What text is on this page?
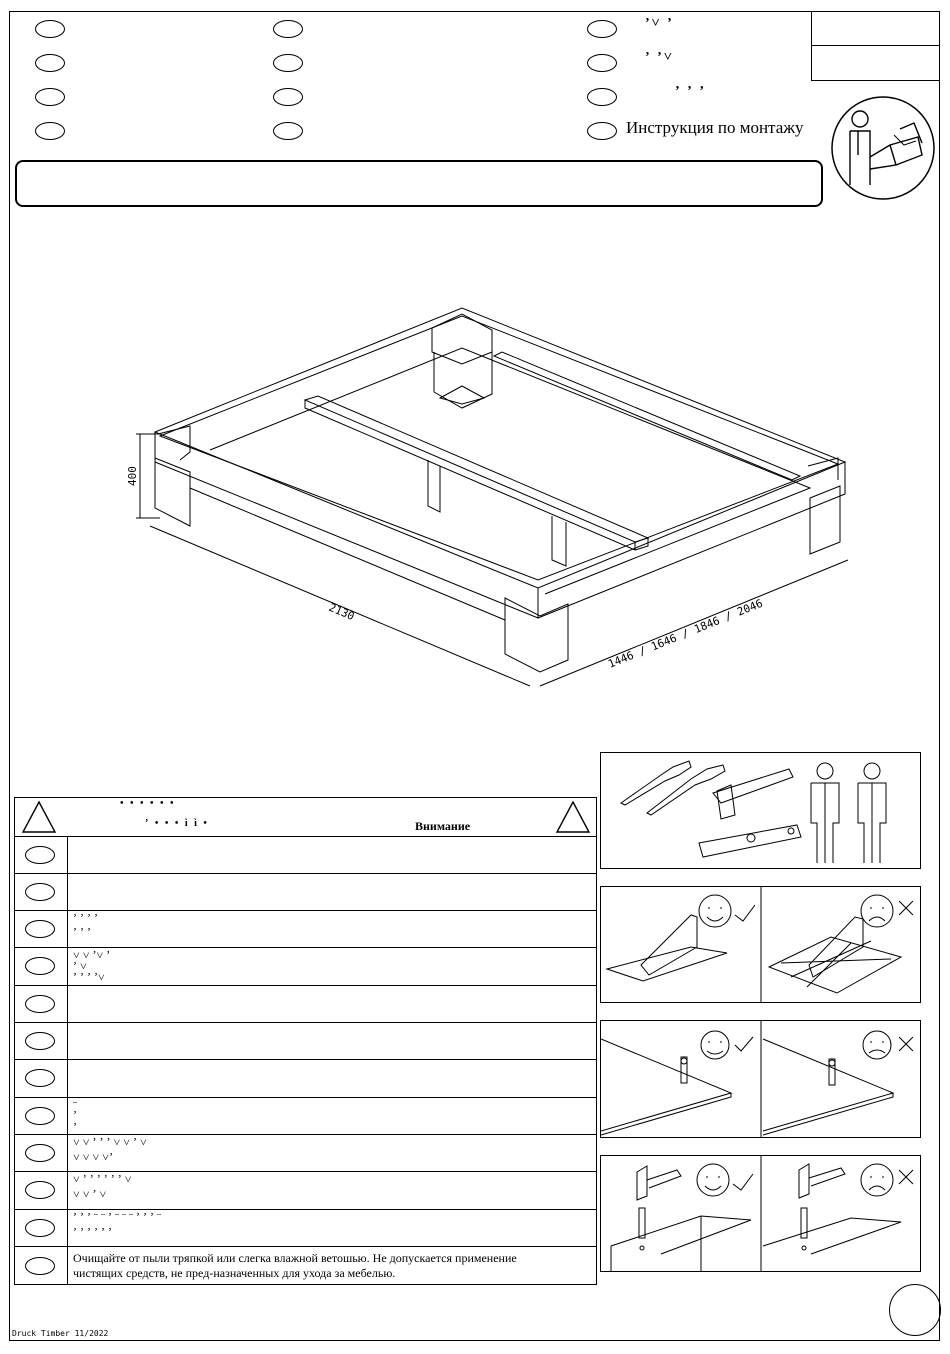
ʼ˅ ʼ
ʼ ʼ˅
ʼ ʼ ʼ
Инструкция по монтажу
400
2130	1446 / 1646 / 1846 / 2046
• • • • • •
ʼ • • • ì ì •	Внимание
ʼ ʼ ʼ ʼ
ʼ ʼ ʼ
˅ ˅ ʼ˅ ʼ
ʼ ˅
ʼ ʼ ʼ ʼ˅
¨
ʼ
ʼ
˅ ˅ ʼ ʼ ʼ ˅ ˅ ʼ ˅
˅ ˅ ˅ ˅ʼ
˅ ʼ ʼ ʼ ʼ ʼ ʼ ˅
˅ ˅ ʼ ˅
ʼ ʼ ʼ ¨ ¨ ʼ ¨ ¨ ¨ ʼ ʼ ʼ ¨
ʼ ʼ ʼ ʼ ʼ ʼ
Очищайте от пыли тряпкой или слегка влажной ветошью. Не допускается применение
чистящих средств, не пред-назначенных для ухода за мебелью.
Druck Timber 11/2022
